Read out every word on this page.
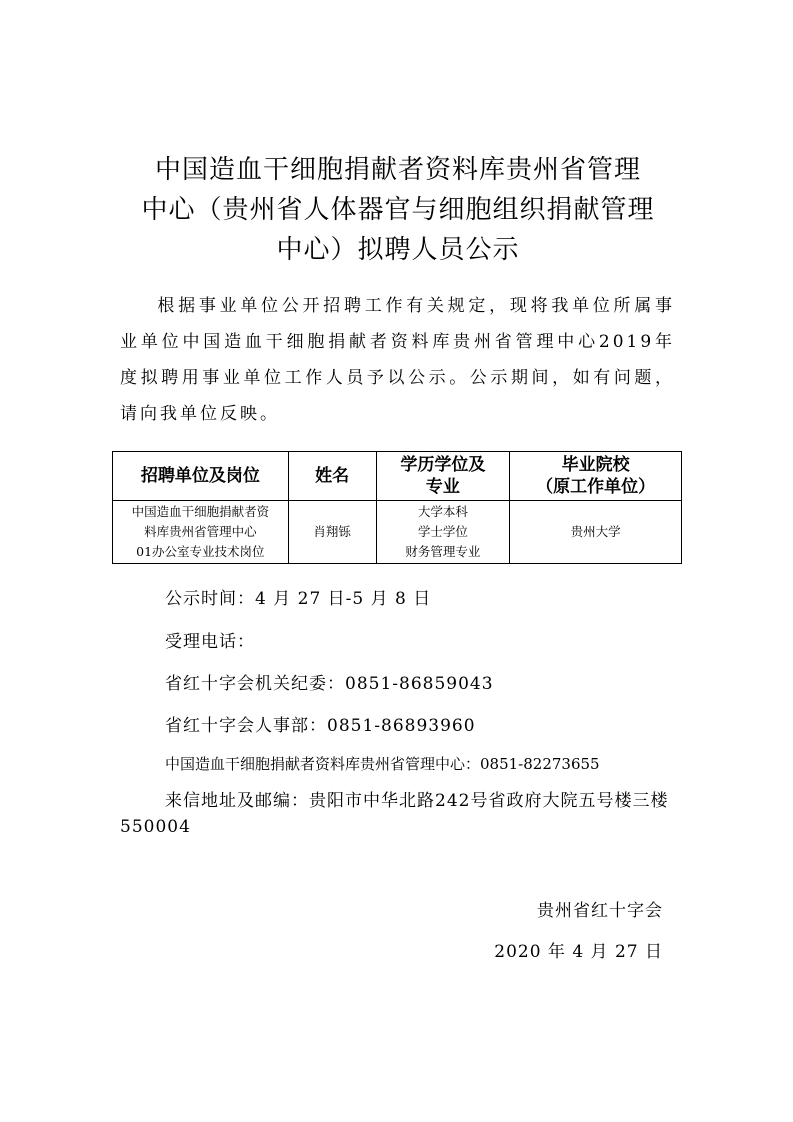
中国造血干细胞捐献者资料库贵州省管理
中心（贵州省人体器官与细胞组织捐献管理
中心）拟聘人员公示

根据事业单位公开招聘工作有关规定，现将我单位所属事业单位中国造血干细胞捐献者资料库贵州省管理中心2019年度拟聘用事业单位工作人员予以公示。公示期间，如有问题，请向我单位反映。

招聘单位及岗位	姓名	学历学位及
专业	毕业院校
（原工作单位）

中国造血干细胞捐献者资
料库贵州省管理中心
01办公室专业技术岗位	肖翔铄	大学本科
学士学位
财务管理专业	贵州大学
公示时间：4 月 27 日-5 月 8 日
受理电话：
省红十字会机关纪委：0851-86859043
省红十字会人事部：0851-86893960
中国造血干细胞捐献者资料库贵州省管理中心：0851-82273655
来信地址及邮编：贵阳市中华北路242号省政府大院五号楼三楼　550004
贵州省红十字会
2020 年 4 月 27 日
